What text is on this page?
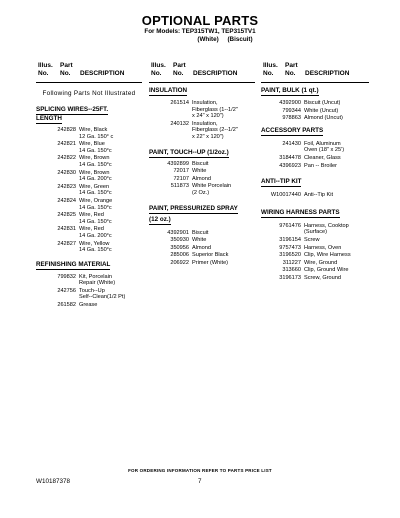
OPTIONAL PARTS
For Models: TEP315TW1, TEP315TV1
(White)     (Biscuit)
Illus. Part
No. No. DESCRIPTION
Following Parts Not Illustrated
SPLICING WIRES--25FT.
LENGTH
242828 Wire, Black
12 Ga. 150° c
242821 Wire, Blue
14 Ga. 150°c
242822 Wire, Brown
14 Ga. 150°c
242830 Wire, Brown
14 Ga. 200°c
242823 Wire, Green
14 Ga. 150°c
242824 Wire, Orange
14 Ga. 150°c
242825 Wire, Red
14 Ga. 150°c
242831 Wire, Red
14 Ga. 200°c
242827 Wire, Yellow
14 Ga. 150°c
REFINISHING MATERIAL
799832 Kit, Porcelain
Repair (White)
242756 Touch--Up
Self--Clean(1/2 Pt)
261582 Grease
Illus. Part
No. No. DESCRIPTION
INSULATION
261514 Insulation,
Fiberglass (1--1/2"
x 24" x 120")
240132 Insulation,
Fiberglass (2--1/2"
x 22" x 120")
PAINT, TOUCH--UP (1/2oz.)
4392899 Biscuit
72017 White
72107 Almond
511873 White Porcelain
(2 Oz.)
PAINT, PRESSURIZED SPRAY
(12 oz.)
4392901 Biscuit
350930 White
350956 Almond
285006 Superior Black
206922 Primer (White)
Illus. Part
No. No. DESCRIPTION
PAINT, BULK (1 qt.)
4392900 Biscuit (Uncut)
799344 White (Uncut)
978863 Almond (Uncut)
ACCESSORY PARTS
241430 Foil, Aluminum
Oven (18" x 25')
3184478 Cleaner, Glass
4396923 Pan -- Broiler
ANTI--TIP KIT
W10017440 Anti--Tip Kit
WIRING HARNESS PARTS
9761476 Harness, Cooktop
(Surface)
3196154 Screw
9757473 Harness, Oven
3196520 Clip, Wire Harness
311227 Wire, Ground
313660 Clip, Ground Wire
3196173 Screw, Ground
FOR ORDERING INFORMATION REFER TO PARTS PRICE LIST
W10187378	7
